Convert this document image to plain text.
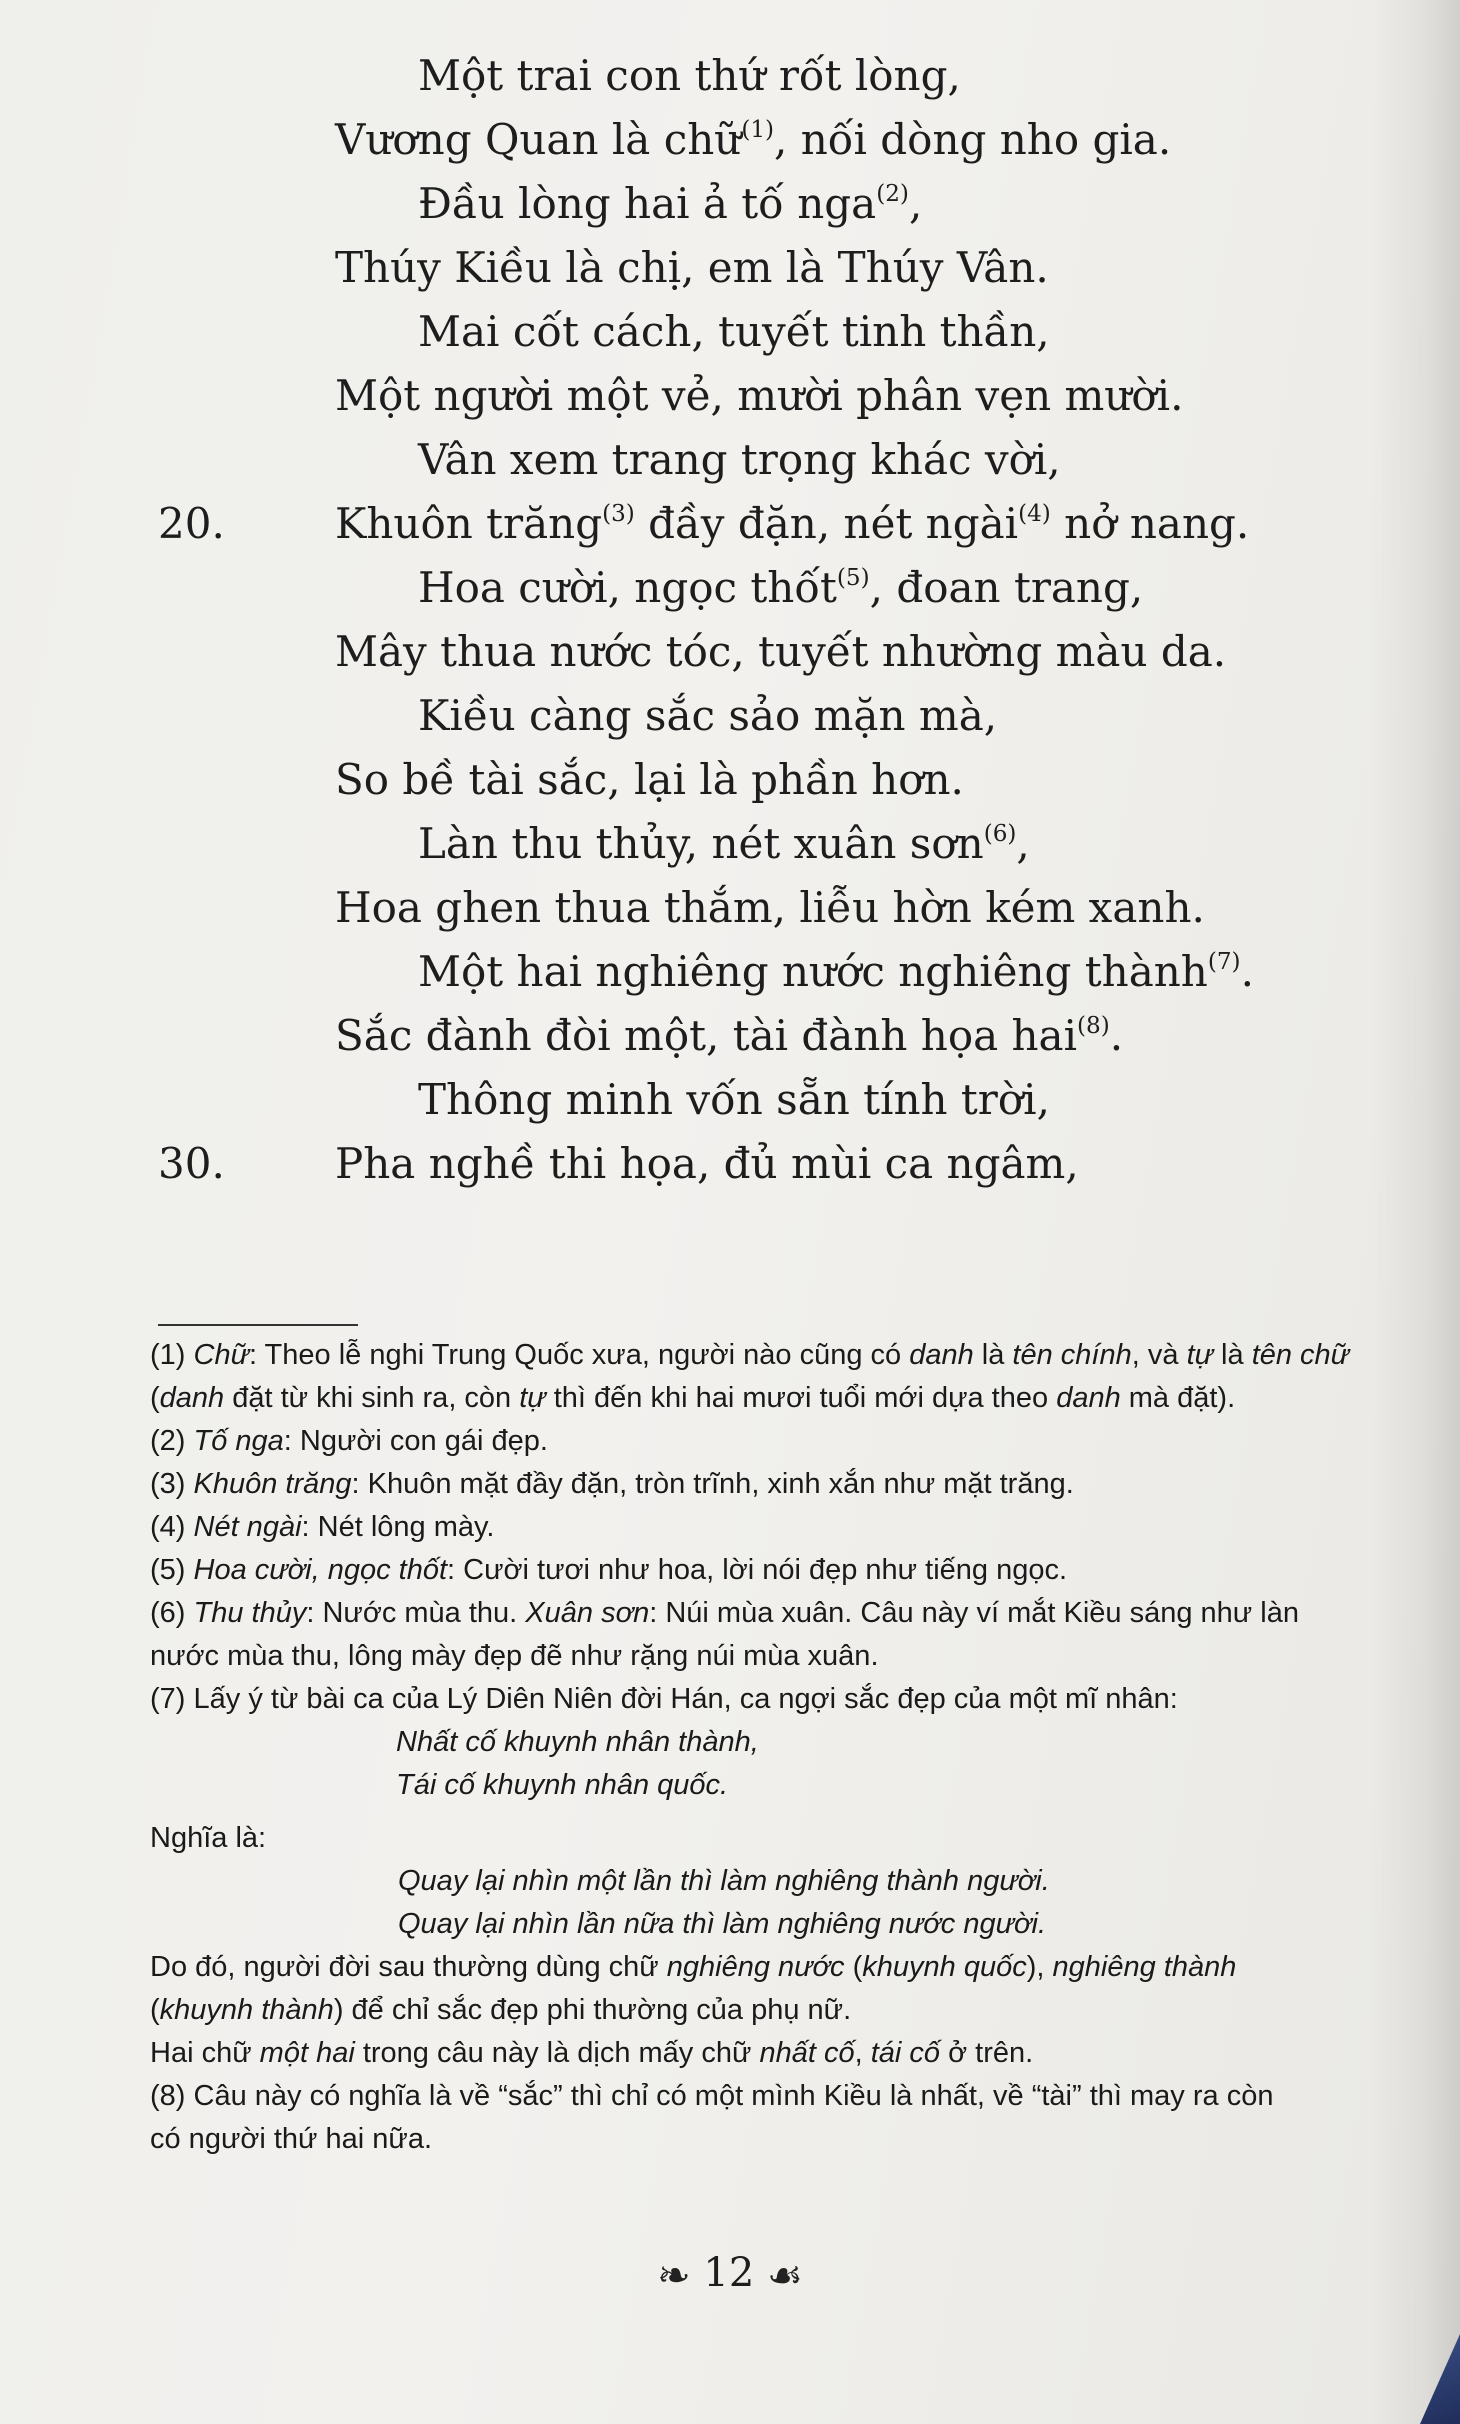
Một trai con thứ rốt lòng,
Vương Quan là chữ$^{(1)}$, nối dòng nho gia.
Đầu lòng hai ả tố nga$^{(2)}$,
Thúy Kiều là chị, em là Thúy Vân.
Mai cốt cách, tuyết tinh thần,
Một người một vẻ, mười phân vẹn mười.
Vân xem trang trọng khác vời,
20.	Khuôn trăng$^{(3)}$ đầy đặn, nét ngài$^{(4)}$ nở nang.
Hoa cười, ngọc thốt$^{(5)}$, đoan trang,
Mây thua nước tóc, tuyết nhường màu da.
Kiều càng sắc sảo mặn mà,
So bề tài sắc, lại là phần hơn.
Làn thu thủy, nét xuân sơn$^{(6)}$,
Hoa ghen thua thắm, liễu hờn kém xanh.
Một hai nghiêng nước nghiêng thành$^{(7)}$.
Sắc đành đòi một, tài đành họa hai$^{(8)}$.
Thông minh vốn sẵn tính trời,
30.	Pha nghề thi họa, đủ mùi ca ngâm,

(1) Chữ: Theo lễ nghi Trung Quốc xưa, người nào cũng có danh là tên chính, và tự là tên chữ

(danh đặt từ khi sinh ra, còn tự thì đến khi hai mươi tuổi mới dựa theo danh mà đặt).

(2) Tố nga: Người con gái đẹp.

(3) Khuôn trăng: Khuôn mặt đầy đặn, tròn trĩnh, xinh xắn như mặt trăng.

(4) Nét ngài: Nét lông mày.

(5) Hoa cười, ngọc thốt: Cười tươi như hoa, lời nói đẹp như tiếng ngọc.

(6) Thu thủy: Nước mùa thu. Xuân sơn: Núi mùa xuân. Câu này ví mắt Kiều sáng như làn

nước mùa thu, lông mày đẹp đẽ như rặng núi mùa xuân.

(7) Lấy ý từ bài ca của Lý Diên Niên đời Hán, ca ngợi sắc đẹp của một mĩ nhân:

Nhất cố khuynh nhân thành,

Tái cố khuynh nhân quốc.

Nghĩa là:

Quay lại nhìn một lần thì làm nghiêng thành người.

Quay lại nhìn lần nữa thì làm nghiêng nước người.

Do đó, người đời sau thường dùng chữ nghiêng nước (khuynh quốc), nghiêng thành

(khuynh thành) để chỉ sắc đẹp phi thường của phụ nữ.

Hai chữ một hai trong câu này là dịch mấy chữ nhất cố, tái cố ở trên.

(8) Câu này có nghĩa là về “sắc” thì chỉ có một mình Kiều là nhất, về “tài” thì may ra còn

có người thứ hai nữa.

❧ 12 ☙
